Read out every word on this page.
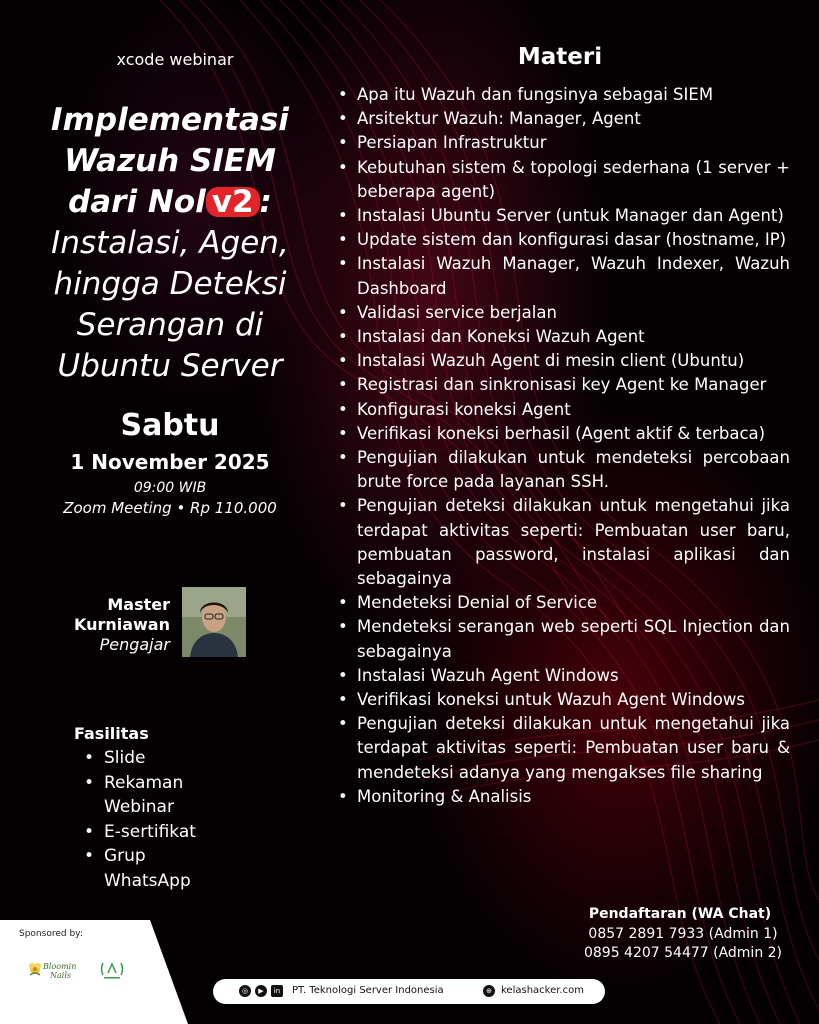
xcode webinar
Implementasi
Wazuh SIEM
dari Nol v2 :
Instalasi, Agen,
hingga Deteksi
Serangan di
Ubuntu Server
Sabtu
1 November 2025
09:00 WIB
Zoom Meeting • Rp 110.000
Master
Kurniawan
Pengajar
Fasilitas
• Slide
• Rekaman Webinar
• E-sertifikat
• Grup WhatsApp
Materi
• Apa itu Wazuh dan fungsinya sebagai SIEM
• Arsitektur Wazuh: Manager, Agent
• Persiapan Infrastruktur
• Kebutuhan sistem & topologi sederhana (1 server + beberapa agent)
• Instalasi Ubuntu Server (untuk Manager dan Agent)
• Update sistem dan konfigurasi dasar (hostname, IP)
• Instalasi Wazuh Manager, Wazuh Indexer, Wazuh Dashboard
• Validasi service berjalan
• Instalasi dan Koneksi Wazuh Agent
• Instalasi Wazuh Agent di mesin client (Ubuntu)
• Registrasi dan sinkronisasi key Agent ke Manager
• Konfigurasi koneksi Agent
• Verifikasi koneksi berhasil (Agent aktif & terbaca)
• Pengujian dilakukan untuk mendeteksi percobaan brute force pada layanan SSH.
• Pengujian deteksi dilakukan untuk mengetahui jika terdapat aktivitas seperti: Pembuatan user baru, pembuatan password, instalasi aplikasi dan sebagainya
• Mendeteksi Denial of Service
• Mendeteksi serangan web seperti SQL Injection dan sebagainya
• Instalasi Wazuh Agent Windows
• Verifikasi koneksi untuk Wazuh Agent Windows
• Pengujian deteksi dilakukan untuk mengetahui jika terdapat aktivitas seperti: Pembuatan user baru & mendeteksi adanya yang mengakses file sharing
• Monitoring & Analisis
Pendaftaran (WA Chat)
0857 2891 7933 (Admin 1)
0895 4207 54477 (Admin 2)
Sponsored by:
Bloomin
Nails
◎	▶	in PT. Teknologi Server Indonesia	⊕ kelashacker.com
